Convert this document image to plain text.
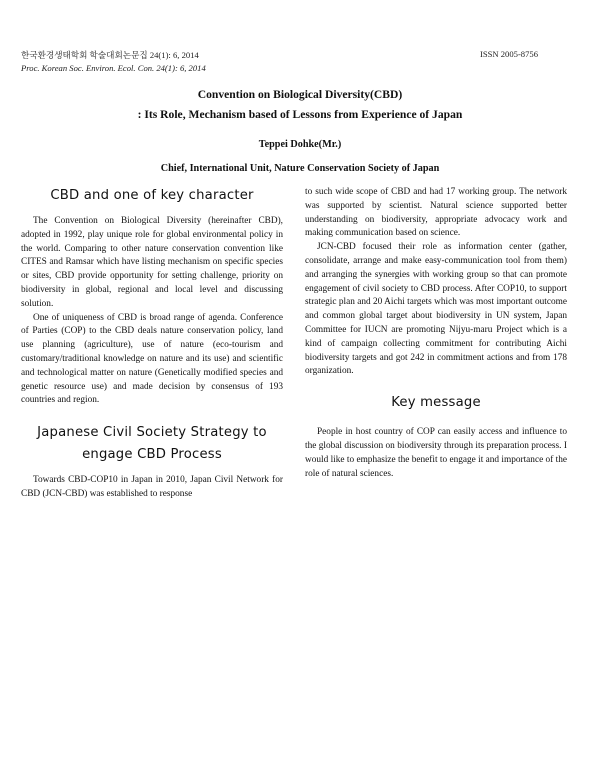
한국환경생태학회 학술대회논문집 24(1): 6, 2014
Proc. Korean Soc. Environ. Ecol. Con. 24(1): 6, 2014
ISSN 2005-8756
Convention on Biological Diversity(CBD)
: Its Role, Mechanism based of Lessons from Experience of Japan
Teppei Dohke(Mr.)
Chief, International Unit, Nature Conservation Society of Japan
CBD and one of key character

The Convention on Biological Diversity (hereinafter CBD), adopted in 1992, play unique role for global environmental policy in the world. Comparing to other nature conservation convention like CITES and Ramsar which have listing mechanism on specific species or sites, CBD provide opportunity for setting challenge, priority on biodiversity in global, regional and local level and discussing solution.

One of uniqueness of CBD is broad range of agenda. Conference of Parties (COP) to the CBD deals nature conservation policy, land use planning (agriculture), use of nature (eco-tourism and customary/traditional knowledge on nature and its use) and scientific and technological matter on nature (Genetically modified species and genetic resource use) and made decision by consensus of 193 countries and region.

Japanese Civil Society Strategy to engage CBD Process

Towards CBD-COP10 in Japan in 2010, Japan Civil Network for CBD (JCN-CBD) was established to response

to such wide scope of CBD and had 17 working group. The network was supported by scientist. Natural science supported better understanding on biodiversity, appropriate advocacy work and making communication based on science.

JCN-CBD focused their role as information center (gather, consolidate, arrange and make easy-communication tool from them) and arranging the synergies with working group so that can promote engagement of civil society to CBD process. After COP10, to support strategic plan and 20 Aichi targets which was most important outcome and common global target about biodiversity in UN system, Japan Committee for IUCN are promoting Nijyu-maru Project which is a kind of campaign collecting commitment for contributing Aichi biodiversity targets and got 242 in commitment actions and from 178 organization.

Key message

People in host country of COP can easily access and influence to the global discussion on biodiversity through its preparation process. I would like to emphasize the benefit to engage it and importance of the role of natural sciences.
